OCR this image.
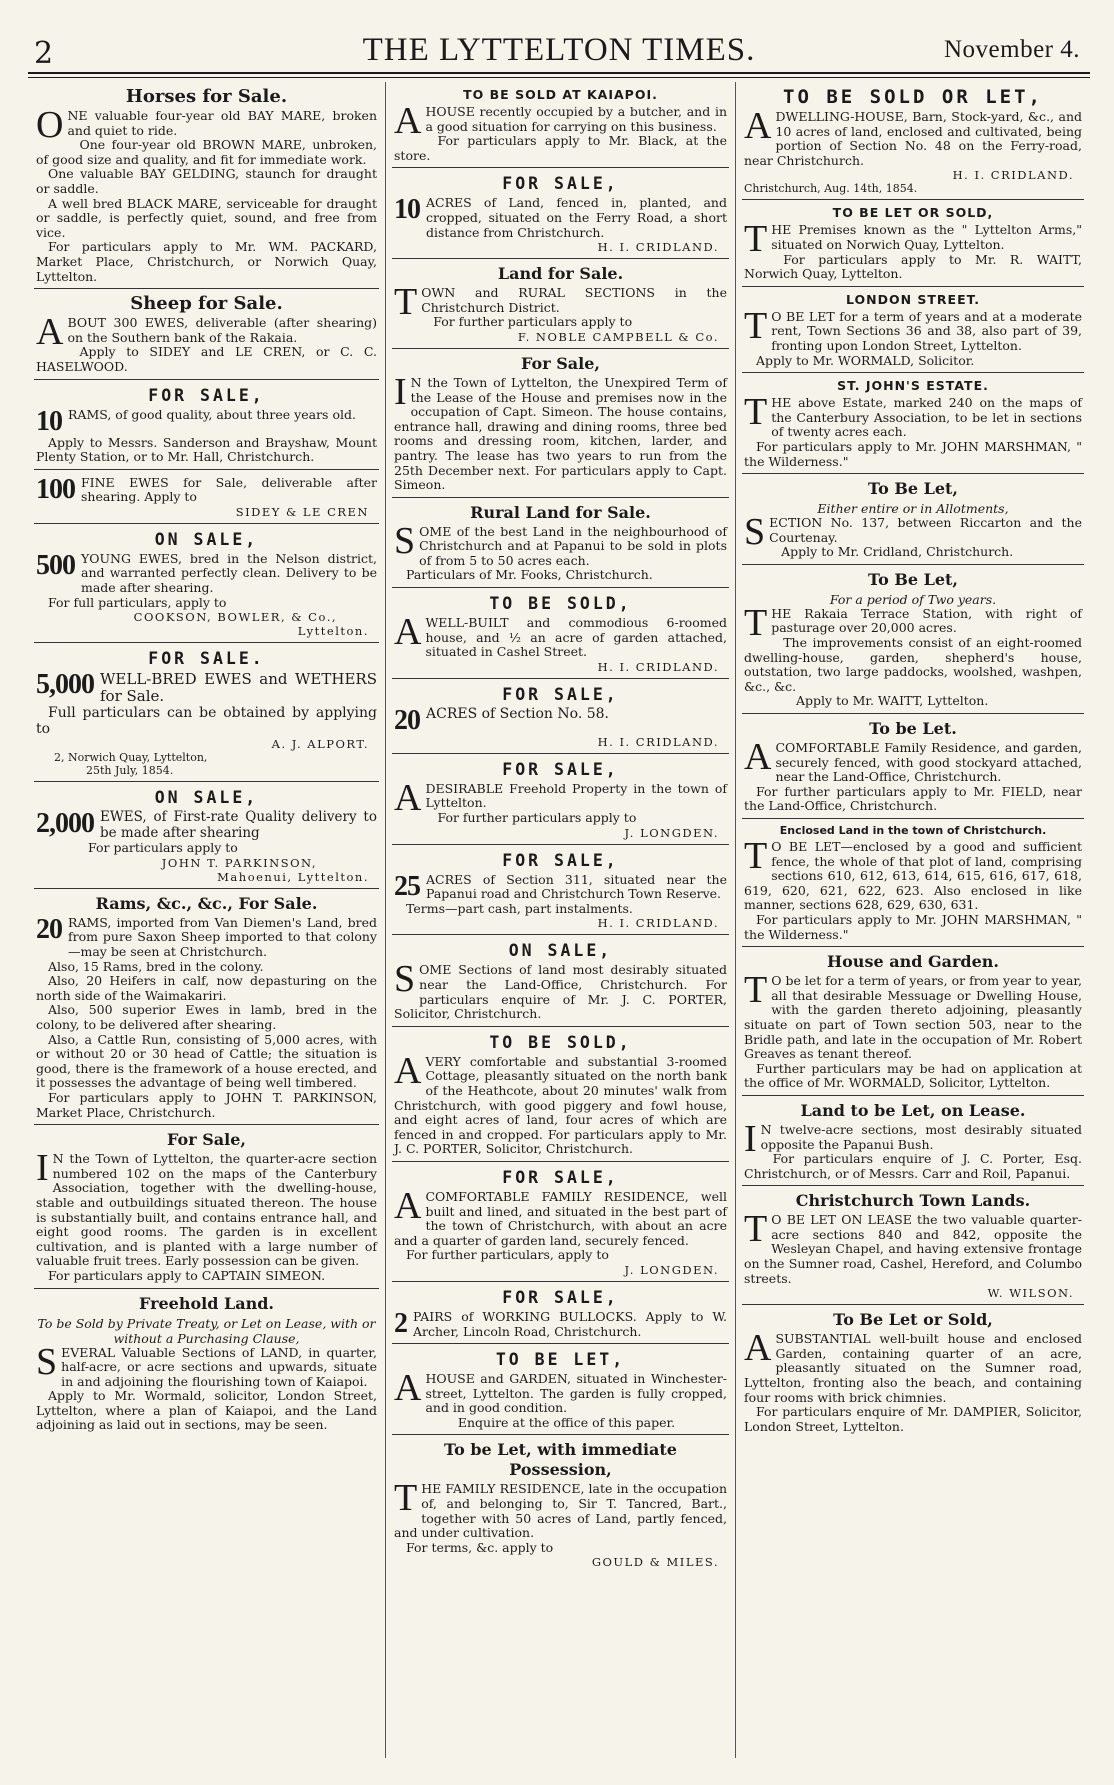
2	THE LYTTELTON TIMES.	November 4.
Horses for Sale.

ONE valuable four-year old BAY MARE, broken and quiet to ride.

One four-year old BROWN MARE, unbroken, of good size and quality, and fit for immediate work.

One valuable BAY GELDING, staunch for draught or saddle.

A well bred BLACK MARE, serviceable for draught or saddle, is perfectly quiet, sound, and free from vice.

For particulars apply to Mr. WM. PACKARD, Market Place, Christchurch, or Norwich Quay, Lyttelton.

Sheep for Sale.

ABOUT 300 EWES, deliverable (after shearing) on the Southern bank of the Rakaia.

Apply to SIDEY and LE CREN, or C. C. HASELWOOD.

FOR SALE,
10 RAMS, of good quality, about three years old.

Apply to Messrs. Sanderson and Brayshaw, Mount Plenty Station, or to Mr. Hall, Christchurch.

100 FINE EWES for Sale, deliverable after shearing. Apply to

SIDEY & LE CREN

ON SALE,
500 YOUNG EWES, bred in the Nelson district, and warranted perfectly clean. Delivery to be made after shearing.

For full particulars, apply to

COOKSON, BOWLER, & Co.,

Lyttelton.

FOR SALE.
5,000 WELL-BRED EWES and WETHERS for Sale.

Full particulars can be obtained by applying to

A. J. ALPORT.

2, Norwich Quay, Lyttelton,

25th July, 1854.

ON SALE,
2,000 EWES, of First-rate Quality delivery to be made after shearing

For particulars apply to

JOHN T. PARKINSON,

Mahoenui, Lyttelton.

Rams, &c., &c., For Sale.
20 RAMS, imported from Van Diemen's Land, bred from pure Saxon Sheep imported to that colony—may be seen at Christchurch.

Also, 15 Rams, bred in the colony.

Also, 20 Heifers in calf, now depasturing on the north side of the Waimakariri.

Also, 500 superior Ewes in lamb, bred in the colony, to be delivered after shearing.

Also, a Cattle Run, consisting of 5,000 acres, with or without 20 or 30 head of Cattle; the situation is good, there is the framework of a house erected, and it possesses the advantage of being well timbered.

For particulars apply to JOHN T. PARKINSON, Market Place, Christchurch.

For Sale,

IN the Town of Lyttelton, the quarter-acre section numbered 102 on the maps of the Canterbury Association, together with the dwelling-house, stable and outbuildings situated thereon. The house is substantially built, and contains entrance hall, and eight good rooms. The garden is in excellent cultivation, and is planted with a large number of valuable fruit trees. Early possession can be given.

For particulars apply to CAPTAIN SIMEON.

Freehold Land.

To be Sold by Private Treaty, or Let on Lease, with or without a Purchasing Clause,

SEVERAL Valuable Sections of LAND, in quarter, half-acre, or acre sections and upwards, situate in and adjoining the flourishing town of Kaiapoi.

Apply to Mr. Wormald, solicitor, London Street, Lyttelton, where a plan of Kaiapoi, and the Land adjoining as laid out in sections, may be seen.

TO BE SOLD AT KAIAPOI.

AHOUSE recently occupied by a butcher, and in a good situation for carrying on this business.

For particulars apply to Mr. Black, at the store.

FOR SALE,
10 ACRES of Land, fenced in, planted, and cropped, situated on the Ferry Road, a short distance from Christchurch.

H. I. CRIDLAND.

Land for Sale.

TOWN and RURAL SECTIONS in the Christchurch District.

For further particulars apply to

F. NOBLE CAMPBELL & Co.

For Sale,

IN the Town of Lyttelton, the Unexpired Term of the Lease of the House and premises now in the occupation of Capt. Simeon. The house contains, entrance hall, drawing and dining rooms, three bed rooms and dressing room, kitchen, larder, and pantry. The lease has two years to run from the 25th December next. For particulars apply to Capt. Simeon.

Rural Land for Sale.

SOME of the best Land in the neighbourhood of Christchurch and at Papanui to be sold in plots of from 5 to 50 acres each.

Particulars of Mr. Fooks, Christchurch.

TO BE SOLD,

AWELL-BUILT and commodious 6-roomed house, and ½ an acre of garden attached, situated in Cashel Street.

H. I. CRIDLAND.

FOR SALE,
20 ACRES of Section No. 58.

H. I. CRIDLAND.

FOR SALE,

ADESIRABLE Freehold Property in the town of Lyttelton.

For further particulars apply to

J. LONGDEN.

FOR SALE,
25 ACRES of Section 311, situated near the Papanui road and Christchurch Town Reserve.

Terms—part cash, part instalments.

H. I. CRIDLAND.

ON SALE,

SOME Sections of land most desirably situated near the Land-Office, Christchurch. For particulars enquire of Mr. J. C. PORTER, Solicitor, Christchurch.

TO BE SOLD,

AVERY comfortable and substantial 3-roomed Cottage, pleasantly situated on the north bank of the Heathcote, about 20 minutes' walk from Christchurch, with good piggery and fowl house, and eight acres of land, four acres of which are fenced in and cropped. For particulars apply to Mr. J. C. PORTER, Solicitor, Christchurch.

FOR SALE,

ACOMFORTABLE FAMILY RESIDENCE, well built and lined, and situated in the best part of the town of Christchurch, with about an acre and a quarter of garden land, securely fenced.

For further particulars, apply to

J. LONGDEN.

FOR SALE,
2 PAIRS of WORKING BULLOCKS. Apply to W. Archer, Lincoln Road, Christchurch.
TO BE LET,

AHOUSE and GARDEN, situated in Winchester-street, Lyttelton. The garden is fully cropped, and in good condition.

Enquire at the office of this paper.

To be Let, with immediate Possession,

THE FAMILY RESIDENCE, late in the occupation of, and belonging to, Sir T. Tancred, Bart., together with 50 acres of Land, partly fenced, and under cultivation.

For terms, &c. apply to

GOULD & MILES.

TO BE SOLD OR LET,

ADWELLING-HOUSE, Barn, Stock-yard, &c., and 10 acres of land, enclosed and cultivated, being portion of Section No. 48 on the Ferry-road, near Christchurch.

H. I. CRIDLAND.

Christchurch, Aug. 14th, 1854.

TO BE LET OR SOLD,

THE Premises known as the " Lyttelton Arms," situated on Norwich Quay, Lyttelton.

For particulars apply to Mr. R. WAITT, Norwich Quay, Lyttelton.

LONDON STREET.

TO BE LET for a term of years and at a moderate rent, Town Sections 36 and 38, also part of 39, fronting upon London Street, Lyttelton.

Apply to Mr. WORMALD, Solicitor.

ST. JOHN'S ESTATE.

THE above Estate, marked 240 on the maps of the Canterbury Association, to be let in sections of twenty acres each.

For particulars apply to Mr. JOHN MARSHMAN, " the Wilderness."

To Be Let,

Either entire or in Allotments,

SECTION No. 137, between Riccarton and the Courtenay.

Apply to Mr. Cridland, Christchurch.

To Be Let,

For a period of Two years.

THE Rakaia Terrace Station, with right of pasturage over 20,000 acres.

The improvements consist of an eight-roomed dwelling-house, garden, shepherd's house, outstation, two large paddocks, woolshed, washpen, &c., &c.

Apply to Mr. WAITT, Lyttelton.

To be Let.

ACOMFORTABLE Family Residence, and garden, securely fenced, with good stockyard attached, near the Land-Office, Christchurch.

For further particulars apply to Mr. FIELD, near the Land-Office, Christchurch.

Enclosed Land in the town of Christchurch.

TO BE LET—enclosed by a good and sufficient fence, the whole of that plot of land, comprising sections 610, 612, 613, 614, 615, 616, 617, 618, 619, 620, 621, 622, 623. Also enclosed in like manner, sections 628, 629, 630, 631.

For particulars apply to Mr. JOHN MARSHMAN, " the Wilderness."

House and Garden.

TO be let for a term of years, or from year to year, all that desirable Messuage or Dwelling House, with the garden thereto adjoining, pleasantly situate on part of Town section 503, near to the Bridle path, and late in the occupation of Mr. Robert Greaves as tenant thereof.

Further particulars may be had on application at the office of Mr. WORMALD, Solicitor, Lyttelton.

Land to be Let, on Lease.

IN twelve-acre sections, most desirably situated opposite the Papanui Bush.

For particulars enquire of J. C. Porter, Esq. Christchurch, or of Messrs. Carr and Roil, Papanui.

Christchurch Town Lands.

TO BE LET ON LEASE the two valuable quarter-acre sections 840 and 842, opposite the Wesleyan Chapel, and having extensive frontage on the Sumner road, Cashel, Hereford, and Columbo streets.

W. WILSON.

To Be Let or Sold,

ASUBSTANTIAL well-built house and enclosed Garden, containing quarter of an acre, pleasantly situated on the Sumner road, Lyttelton, fronting also the beach, and containing four rooms with brick chimnies.

For particulars enquire of Mr. DAMPIER, Solicitor, London Street, Lyttelton.
